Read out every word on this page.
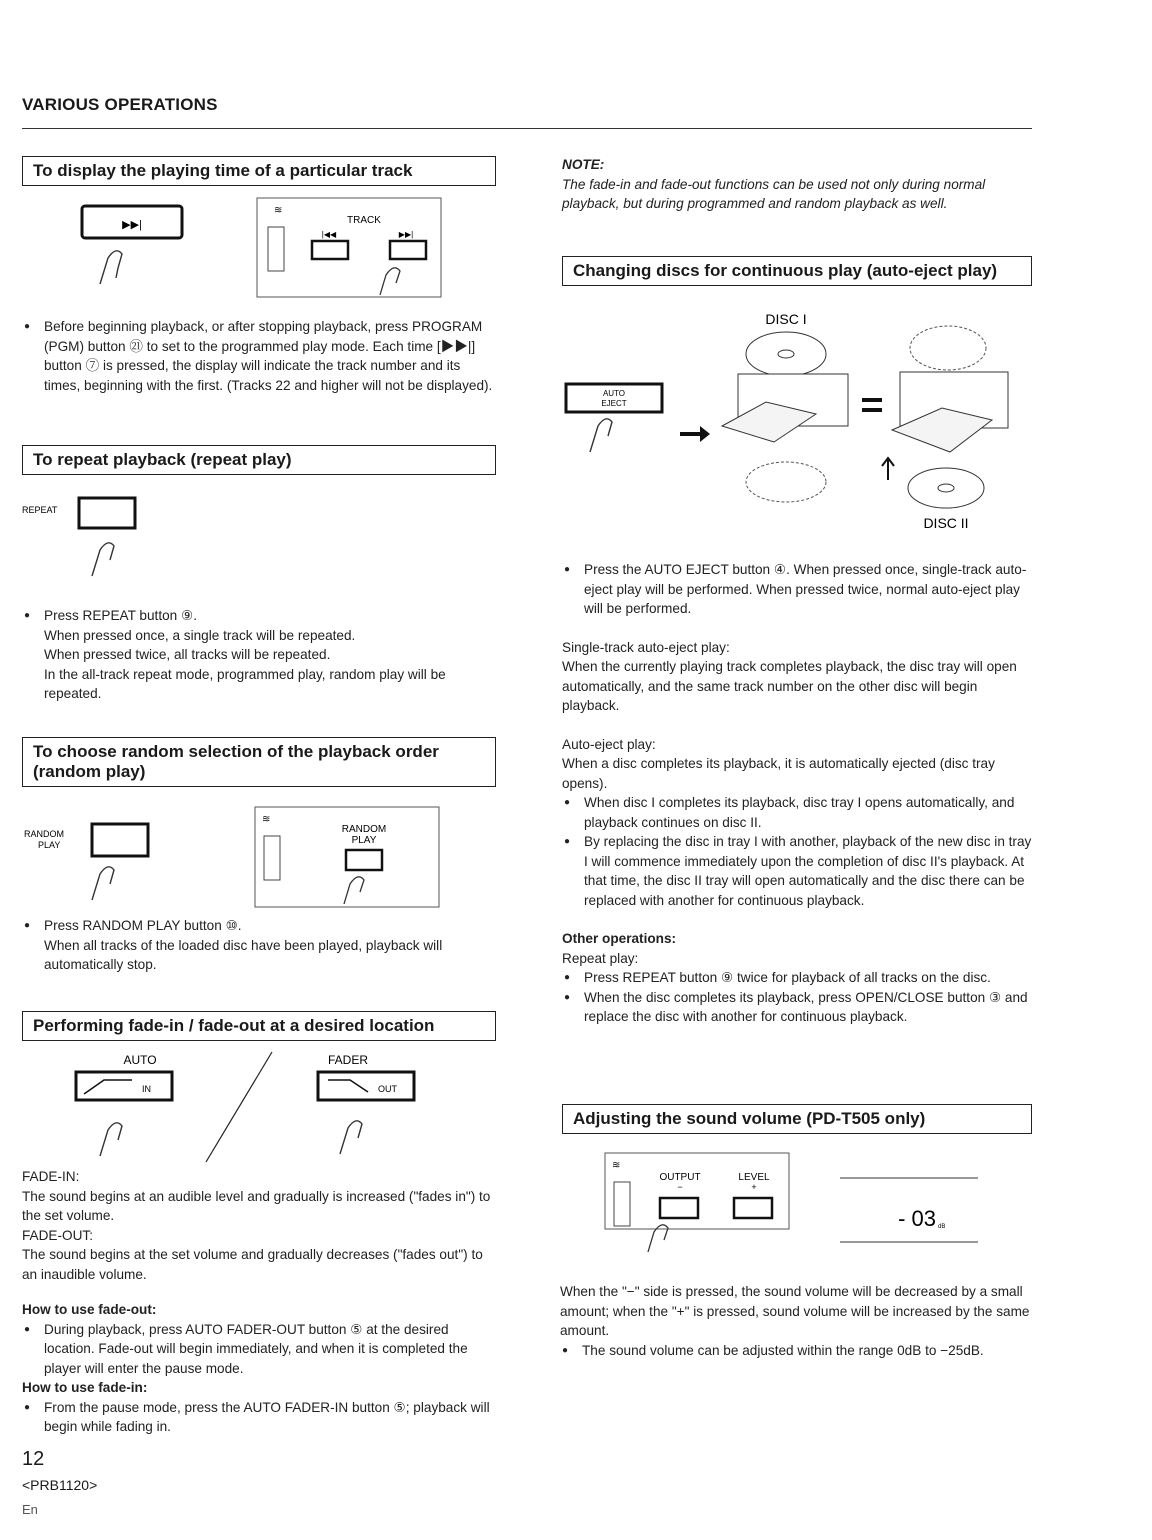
VARIOUS OPERATIONS
To display the playing time of a particular track
▶▶|
≋
TRACK
|◀◀	▶▶|

● Before beginning playback, or after stopping playback, press PROGRAM (PGM) button ㉑ to set to the programmed play mode. Each time [▶▶|] button ⑦ is pressed, the display will indicate the track number and its times, beginning with the first. (Tracks 22 and higher will not be displayed).

To repeat playback (repeat play)
REPEAT

● Press REPEAT button ⑨.

When pressed once, a single track will be repeated.

When pressed twice, all tracks will be repeated.

In the all-track repeat mode, programmed play, random play will be repeated.

To choose random selection of the playback order (random play)
RANDOM
PLAY
≋
RANDOM
PLAY

● Press RANDOM PLAY button ⑩.

When all tracks of the loaded disc have been played, playback will automatically stop.

Performing fade-in / fade-out at a desired location
AUTO
IN
FADER
OUT

FADE-IN:

The sound begins at an audible level and gradually is increased ("fades in") to the set volume.

FADE-OUT:

The sound begins at the set volume and gradually decreases ("fades out") to an inaudible volume.

How to use fade-out:

● During playback, press AUTO FADER-OUT button ⑤ at the desired location. Fade-out will begin immediately, and when it is completed the player will enter the pause mode.

How to use fade-in:

● From the pause mode, press the AUTO FADER-IN button ⑤; playback will begin while fading in.

NOTE:

The fade-in and fade-out functions can be used not only during normal playback, but during programmed and random playback as well.

Changing discs for continuous play (auto-eject play)
DISC I
AUTO
EJECT
DISC II

● Press the AUTO EJECT button ④. When pressed once, single-track auto-eject play will be performed. When pressed twice, normal auto-eject play will be performed.

Single-track auto-eject play:

When the currently playing track completes playback, the disc tray will open automatically, and the same track number on the other disc will begin playback.

Auto-eject play:

When a disc completes its playback, it is automatically ejected (disc tray opens).

● When disc I completes its playback, disc tray I opens automatically, and playback continues on disc II.

● By replacing the disc in tray I with another, playback of the new disc in tray I will commence immediately upon the completion of disc II's playback. At that time, the disc II tray will open automatically and the disc there can be replaced with another for continuous playback.

Other operations:

Repeat play:

● Press REPEAT button ⑨ twice for playback of all tracks on the disc.

● When the disc completes its playback, press OPEN/CLOSE button ③ and replace the disc with another for continuous playback.

Adjusting the sound volume (PD-T505 only)
≋
OUTPUT	LEVEL
−	+
- 03 dB

When the "−" side is pressed, the sound volume will be decreased by a small amount; when the "+" is pressed, sound volume will be increased by the same amount.

● The sound volume can be adjusted within the range 0dB to −25dB.

12
<PRB1120>
En
